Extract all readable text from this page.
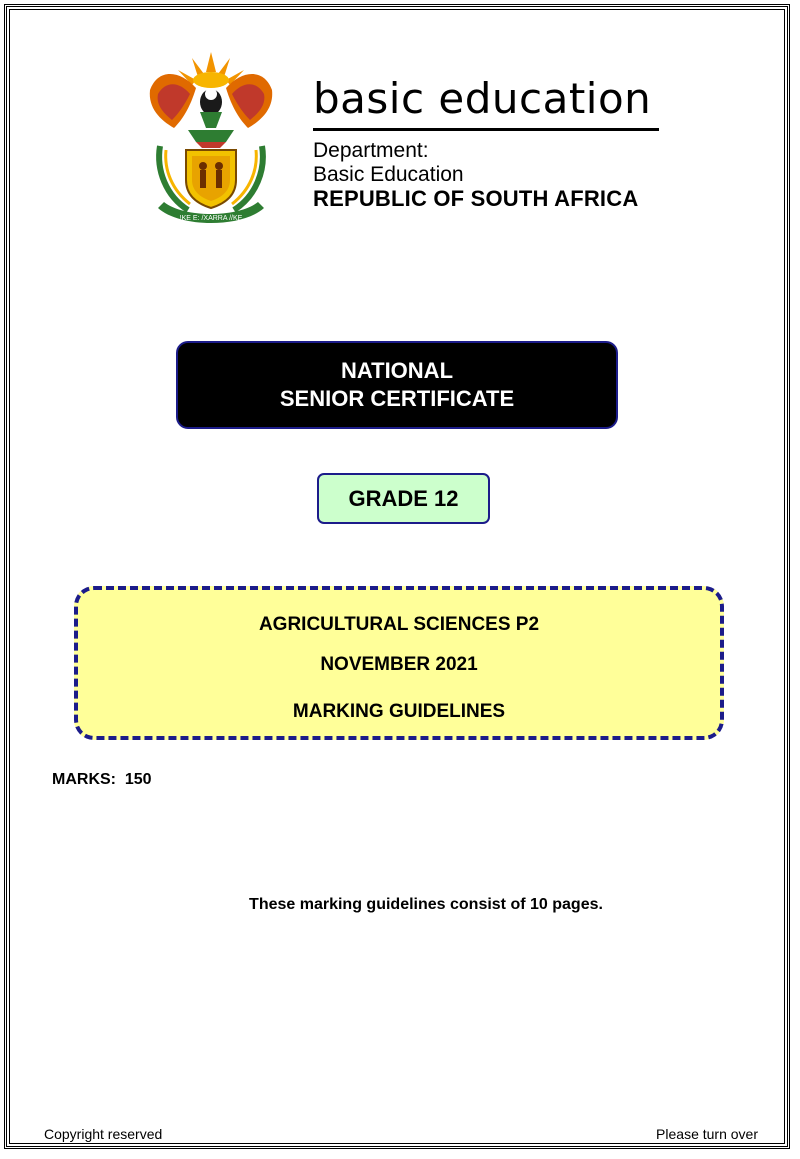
!KE E: /XARRA //KE
basic education
Department:
Basic Education
REPUBLIC OF SOUTH AFRICA
NATIONAL
SENIOR CERTIFICATE
GRADE 12
AGRICULTURAL SCIENCES P2
NOVEMBER 2021
MARKING GUIDELINES
MARKS:  150
These marking guidelines consist of 10 pages.
Copyright reserved	Please turn over
